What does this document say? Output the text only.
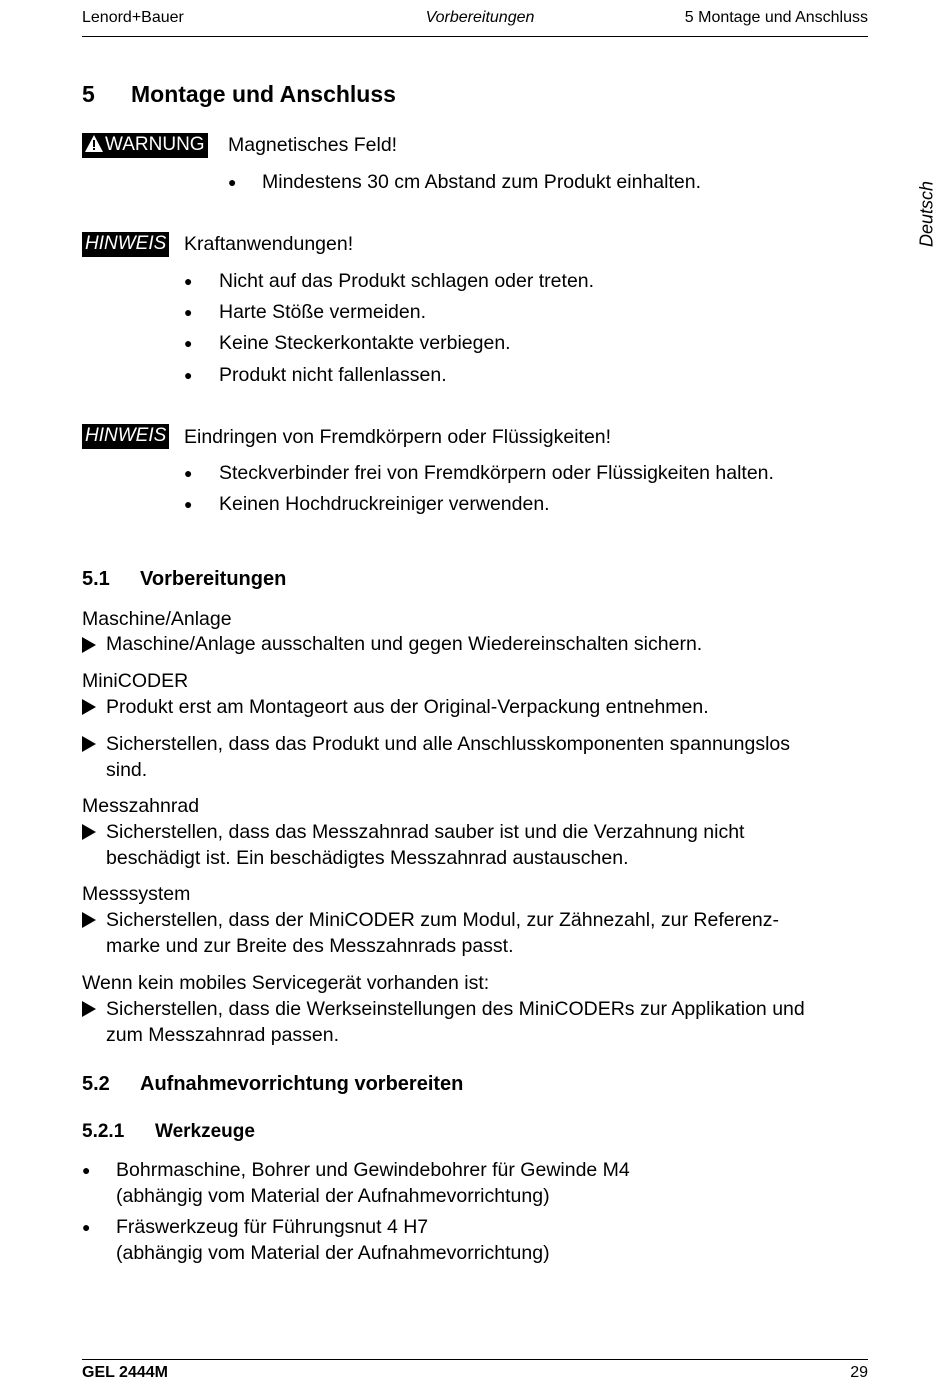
Lenord+Bauer	Vorbereitungen	5 Montage und Anschluss
Deutsch
5 Montage und Anschluss
WARNUNG Magnetisches Feld!
● Mindestens 30 cm Abstand zum Produkt einhalten.
HINWEIS Kraftanwendungen!
● Nicht auf das Produkt schlagen oder treten.
● Harte Stöße vermeiden.
● Keine Steckerkontakte verbiegen.
● Produkt nicht fallenlassen.
HINWEIS Eindringen von Fremdkörpern oder Flüssigkeiten!
● Steckverbinder frei von Fremdkörpern oder Flüssigkeiten halten.
● Keinen Hochdruckreiniger verwenden.
5.1 Vorbereitungen
Maschine/Anlage
Maschine/Anlage ausschalten und gegen Wiedereinschalten sichern.
MiniCODER
Produkt erst am Montageort aus der Original-Verpackung entnehmen.
Sicherstellen, dass das Produkt und alle Anschlusskomponenten spannungslos
sind.
Messzahnrad
Sicherstellen, dass das Messzahnrad sauber ist und die Verzahnung nicht
beschädigt ist. Ein beschädigtes Messzahnrad austauschen.
Messsystem
Sicherstellen, dass der MiniCODER zum Modul, zur Zähnezahl, zur Referenz-
marke und zur Breite des Messzahnrads passt.
Wenn kein mobiles Servicegerät vorhanden ist:
Sicherstellen, dass die Werkseinstellungen des MiniCODERs zur Applikation und
zum Messzahnrad passen.
5.2 Aufnahmevorrichtung vorbereiten
5.2.1 Werkzeuge
● Bohrmaschine, Bohrer und Gewindebohrer für Gewinde M4
(abhängig vom Material der Aufnahmevorrichtung)
● Fräswerkzeug für Führungsnut 4 H7
(abhängig vom Material der Aufnahmevorrichtung)
GEL 2444M	29
